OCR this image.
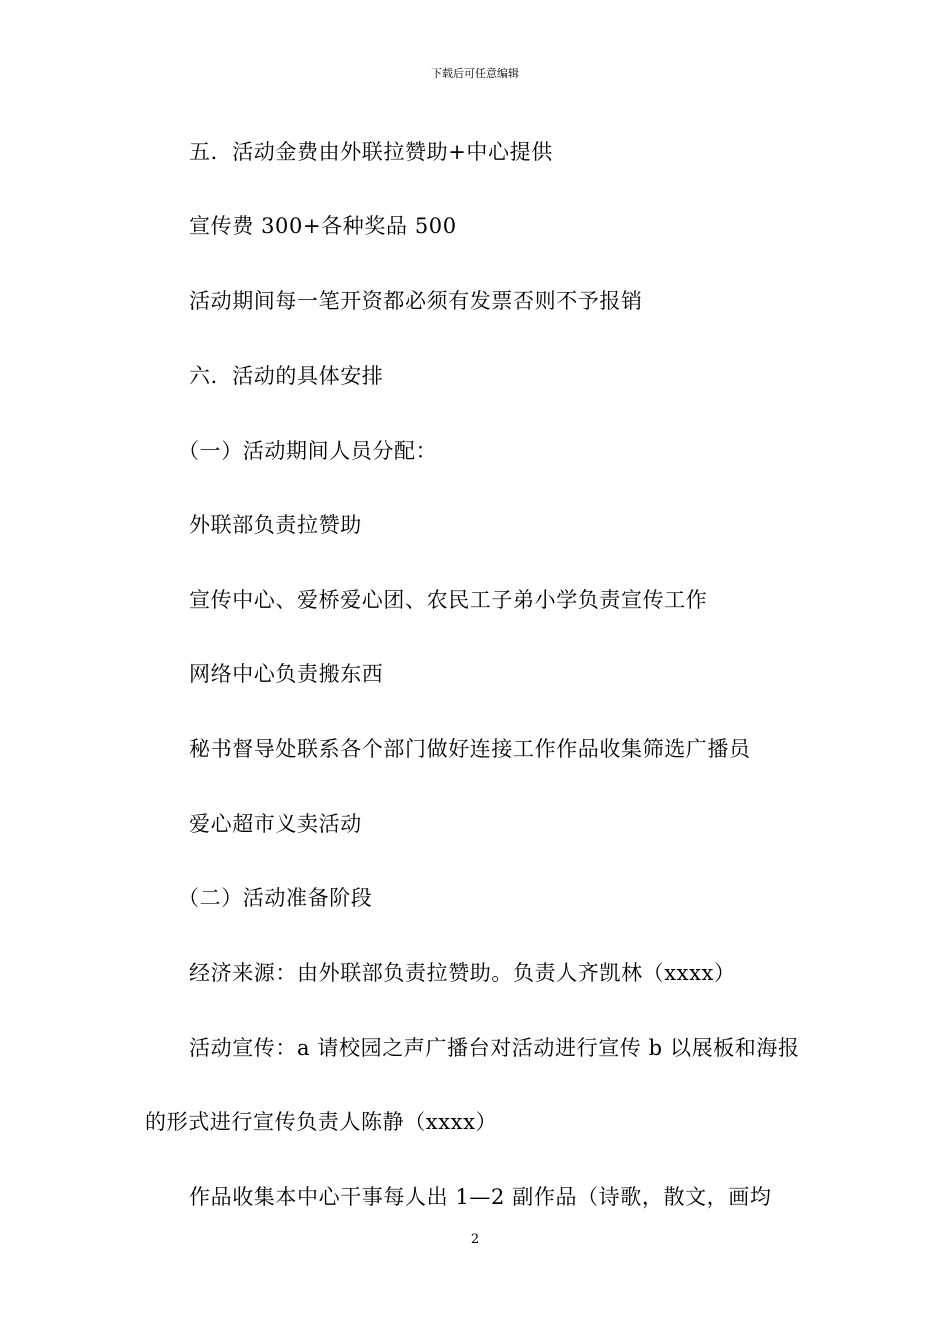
下载后可任意编辑
五．活动金费由外联拉赞助+中心提供
宣传费 300+各种奖品 500
活动期间每一笔开资都必须有发票否则不予报销
六．活动的具体安排
（一）活动期间人员分配：
外联部负责拉赞助
宣传中心、爱桥爱心团、农民工子弟小学负责宣传工作
网络中心负责搬东西
秘书督导处联系各个部门做好连接工作作品收集筛选广播员
爱心超市义卖活动
（二）活动准备阶段
经济来源：由外联部负责拉赞助。负责人齐凯林（xxxx）
活动宣传：a 请校园之声广播台对活动进行宣传 b 以展板和海报
的形式进行宣传负责人陈静（xxxx）
作品收集本中心干事每人出 1—2 副作品（诗歌，散文，画均
2
